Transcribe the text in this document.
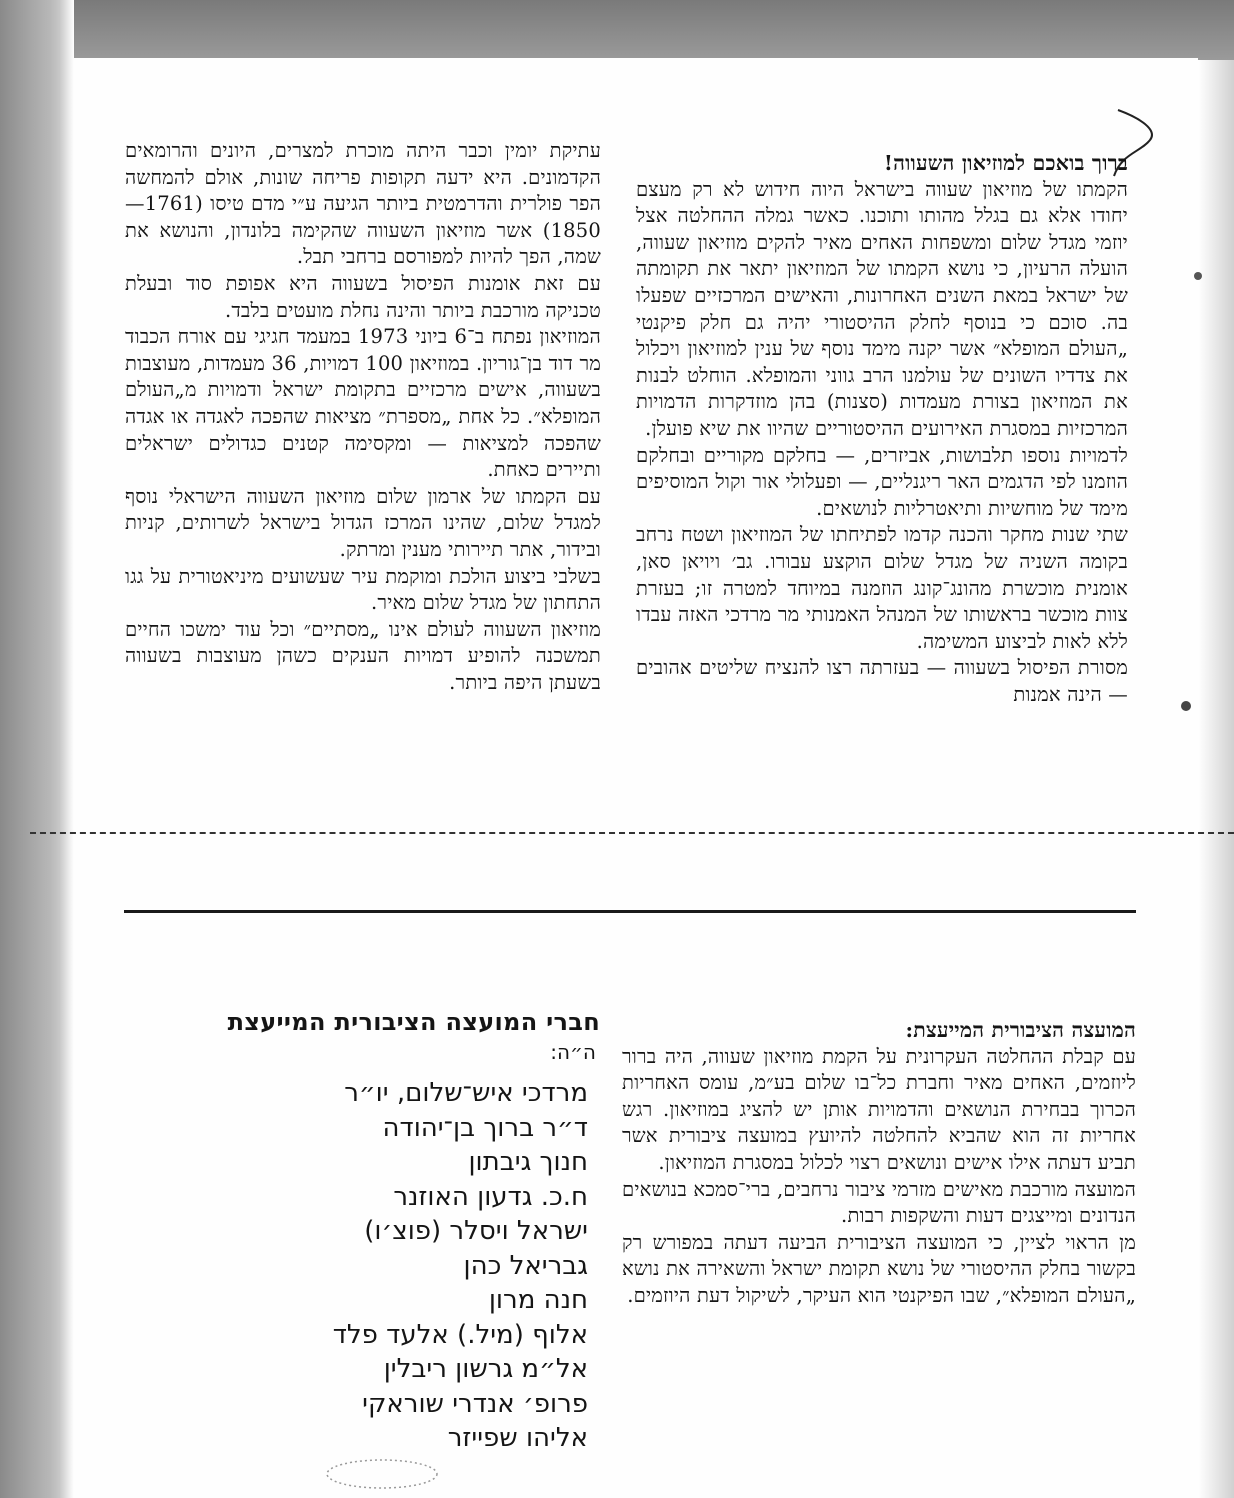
ברוך בואכם למוזיאון השעווה!

הקמתו של מוזיאון שעווה בישראל היוה חידוש לא רק מעצם יחודו אלא גם בגלל מהותו ותוכנו. כאשר גמלה ההחלטה אצל יוזמי מגדל שלום ומשפחות האחים מאיר להקים מוזיאון שעווה, הועלה הרעיון, כי נושא הקמתו של המוזיאון יתאר את תקומתה של ישראל במאת השנים האחרונות, והאישים המרכזיים שפעלו בה. סוכם כי בנוסף לחלק ההיסטורי יהיה גם חלק פיקנטי „העולם המופלא״ אשר יקנה מימד נוסף של ענין למוזיאון ויכלול את צדדיו השונים של עולמנו הרב גווני והמופלא. הוחלט לבנות את המוזיאון בצורת מעמדות (סצנות) בהן מוזדקרות הדמויות המרכזיות במסגרת האירועים ההיסטוריים שהיוו את שיא פועלן.

לדמויות נוספו תלבושות, אביזרים, — בחלקם מקוריים ובחלקם הוזמנו לפי הדגמים האר ריגנליים, — ופעלולי אור וקול המוסיפים מימד של מוחשיות ותיאטרליות לנושאים.

שתי שנות מחקר והכנה קדמו לפתיחתו של המוזיאון ושטח נרחב בקומה השניה של מגדל שלום הוקצע עבורו. גב׳ ויויאן סאן, אומנית מוכשרת מהונג־קונג הוזמנה במיוחד למטרה זו; בעזרת צוות מוכשר בראשותו של המנהל האמנותי מר מרדכי האזה עבדו ללא לאות לביצוע המשימה.

מסורת הפיסול בשעווה — בעזרתה רצו להנציח שליטים אהובים — הינה אמנות

עתיקת יומין וכבר היתה מוכרת למצרים, היונים והרומאים הקדמונים. היא ידעה תקופות פריחה שונות, אולם להמחשה הפר פולרית והדרמטית ביותר הגיעה ע״י מדם טיסו (1761—1850) אשר מוזיאון השעווה שהקימה בלונדון, והנושא את שמה, הפך להיות למפורסם ברחבי תבל.

עם זאת אומנות הפיסול בשעווה היא אפופת סוד ובעלת טכניקה מורכבת ביותר והינה נחלת מועטים בלבד.

המוזיאון נפתח ב־6 ביוני 1973 במעמד חגיגי עם אורח הכבוד מר דוד בן־גוריון. במוזיאון 100 דמויות, 36 מעמדות, מעוצבות בשעווה, אישים מרכזיים בתקומת ישראל ודמויות מ„העולם המופלא״. כל אחת „מספרת״ מציאות שהפכה לאגדה או אגדה שהפכה למציאות — ומקסימה קטנים כגדולים ישראלים ותיירים כאחת.

עם הקמתו של ארמון שלום מוזיאון השעווה הישראלי נוסף למגדל שלום, שהינו המרכז הגדול בישראל לשרותים, קניות ובידור, אתר תיירותי מענין ומרתק.

בשלבי ביצוע הולכת ומוקמת עיר שעשועים מיניאטורית על גגו התחתון של מגדל שלום מאיר.

מוזיאון השעווה לעולם אינו „מסתיים״ וכל עוד ימשכו החיים תמשכנה להופיע דמויות הענקים כשהן מעוצבות בשעווה בשעתן היפה ביותר.

המועצה הציבורית המייעצת:

עם קבלת ההחלטה העקרונית על הקמת מוזיאון שעווה, היה ברור ליוזמים, האחים מאיר וחברת כל־בו שלום בע״מ, עומס האחריות הכרוך בבחירת הנושאים והדמויות אותן יש להציג במוזיאון. רגש אחריות זה הוא שהביא להחלטה להיועץ במועצה ציבורית אשר תביע דעתה אילו אישים ונושאים רצוי לכלול במסגרת המוזיאון.

המועצה מורכבת מאישים מזרמי ציבור נרחבים, ברי־סמכא בנושאים הנדונים ומייצגים דעות והשקפות רבות.

מן הראוי לציין, כי המועצה הציבורית הביעה דעתה במפורש רק בקשור בחלק ההיסטורי של נושא תקומת ישראל והשאירה את נושא „העולם המופלא״, שבו הפיקנטי הוא העיקר, לשיקול דעת היוזמים.

חברי המועצה הציבורית המייעצת
ה״ה:
מרדכי איש־שלום, יו״ר
ד״ר ברוך בן־יהודה
חנוך גיבתון
ח.כ. גדעון האוזנר
ישראל ויסלר (פוצ׳ו)
גבריאל כהן
חנה מרון
אלוף (מיל.) אלעד פלד
אל״מ גרשון ריבלין
פרופ׳ אנדרי שוראקי
אליהו שפייזר
